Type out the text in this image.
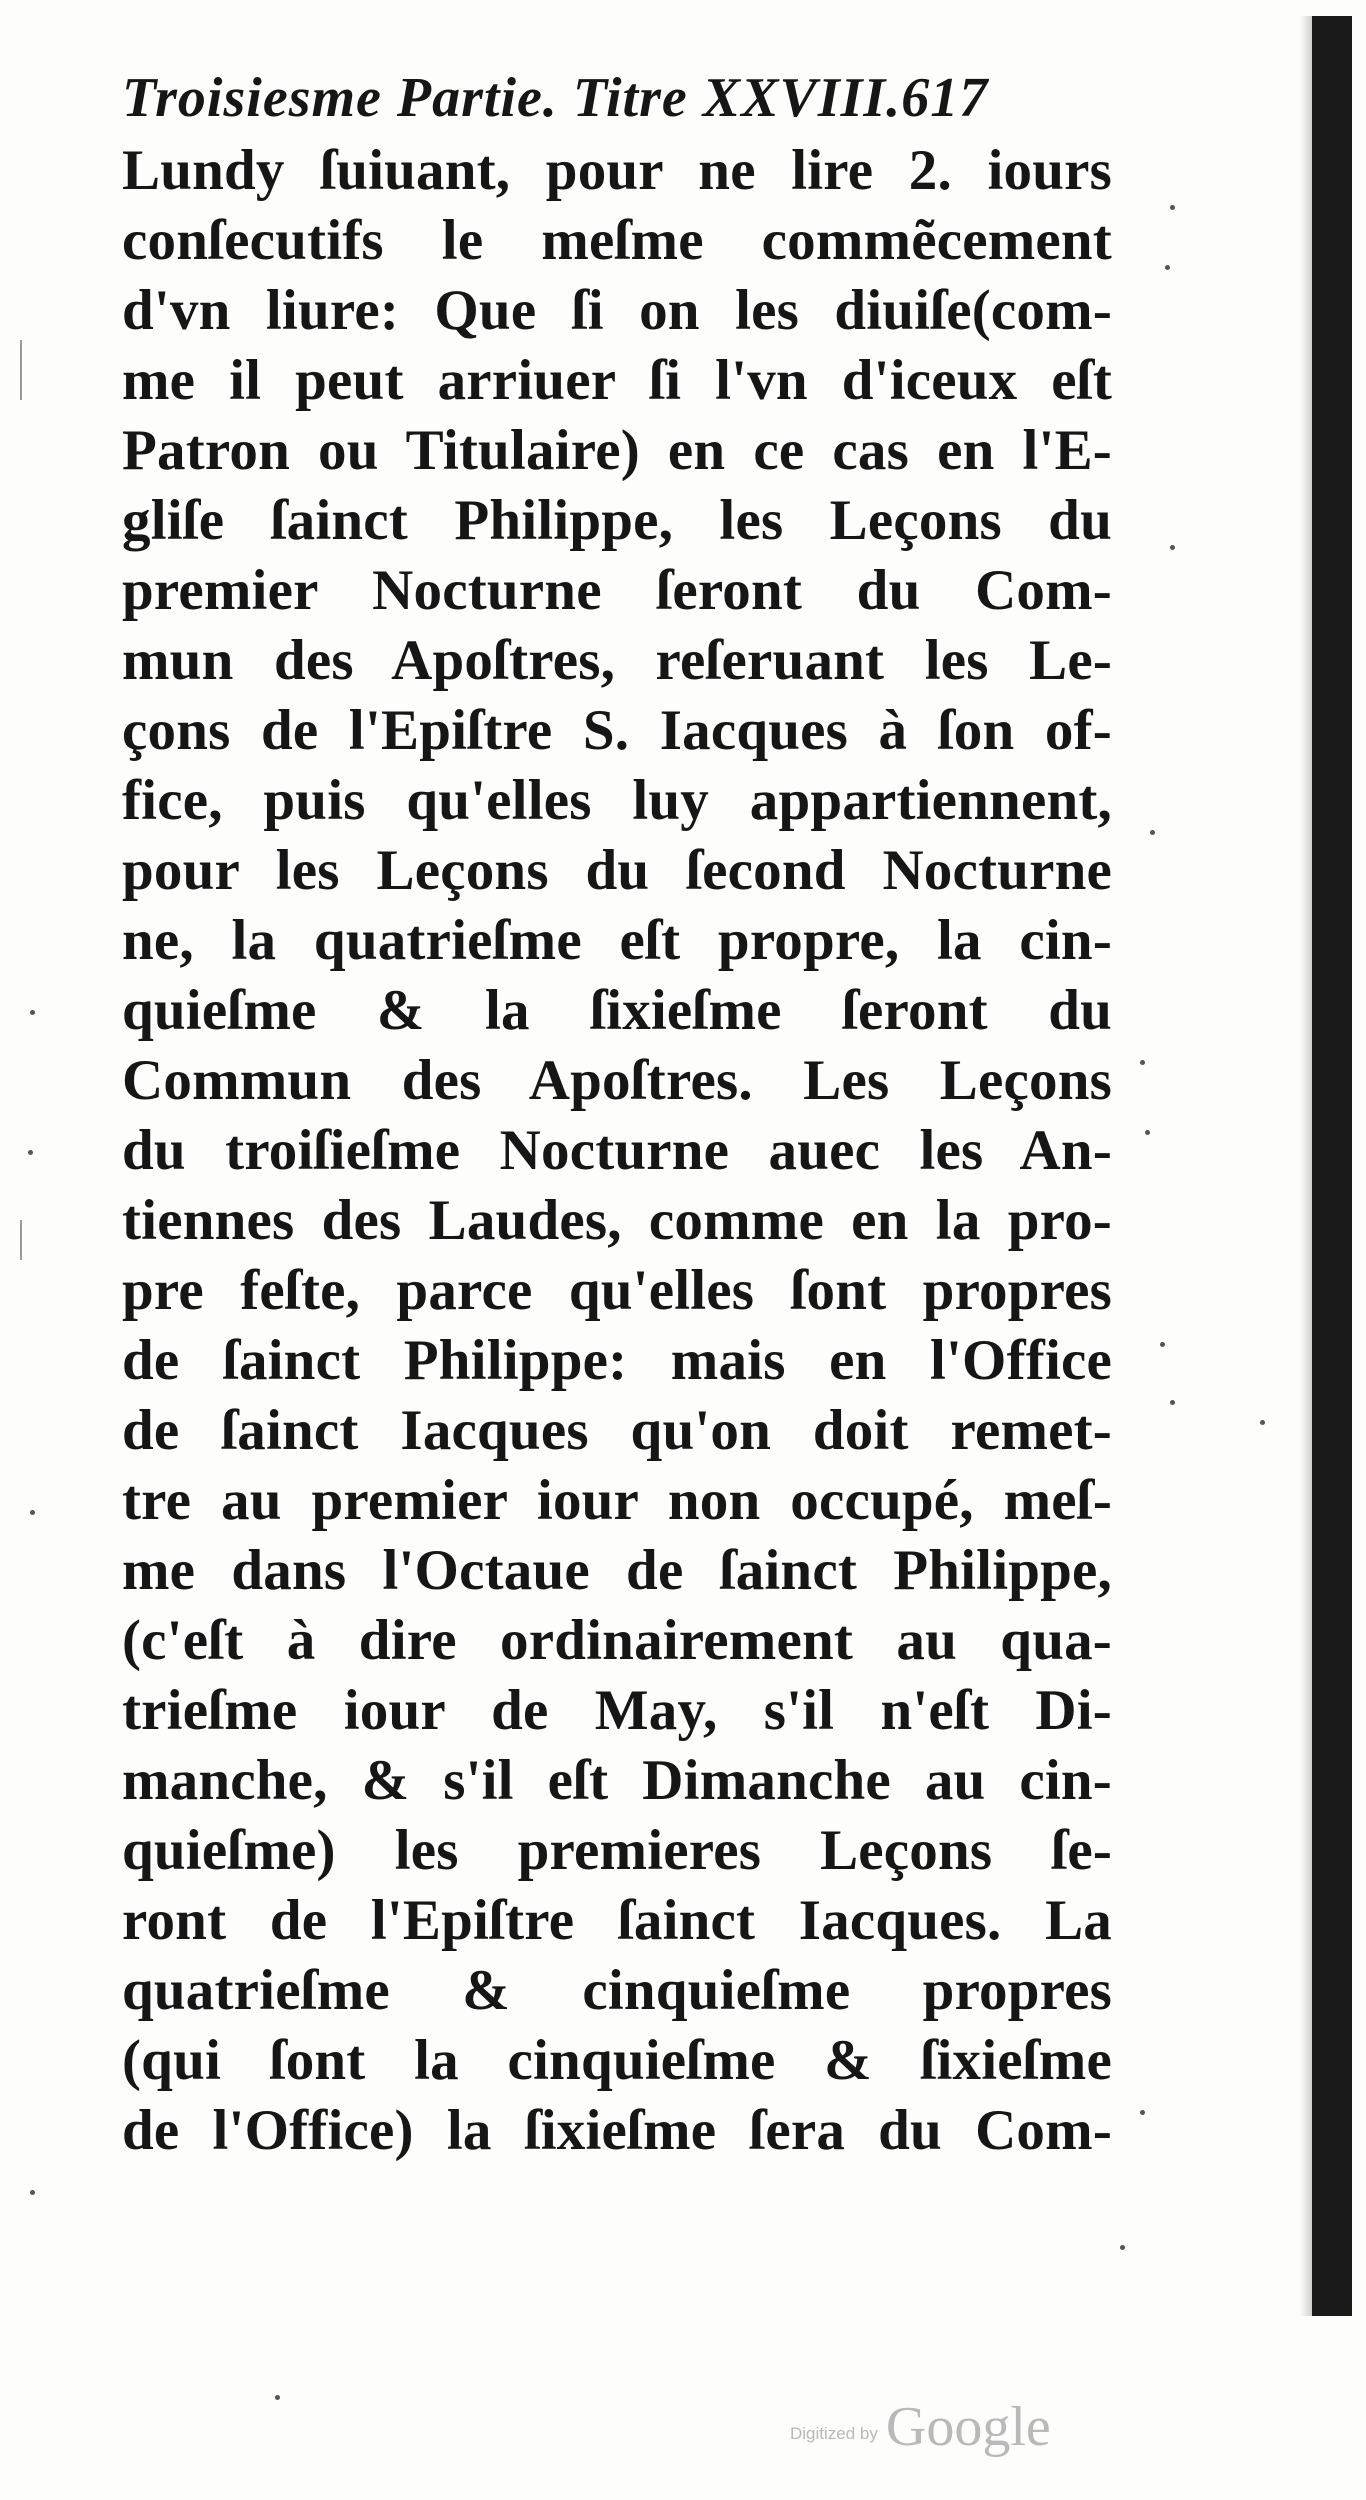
Troisiesme Partie. Titre XXVIII.617
Lundy ſuiuant, pour ne lire 2. iours
conſecutifs le meſme commẽcement
d'vn liure: Que ſi on les diuiſe(com-
me il peut arriuer ſi l'vn d'iceux eſt
Patron ou Titulaire) en ce cas en l'E-
gliſe ſainct Philippe, les Leçons du
premier Nocturne ſeront du Com-
mun des Apoſtres, reſeruant les Le-
çons de l'Epiſtre S. Iacques à ſon of-
fice, puis qu'elles luy appartiennent,
pour les Leçons du ſecond Nocturne
ne, la quatrieſme eſt propre, la cin-
quieſme & la ſixieſme ſeront du
Commun des Apoſtres. Les Leçons
du troiſieſme Nocturne auec les An-
tiennes des Laudes, comme en la pro-
pre feſte, parce qu'elles ſont propres
de ſainct Philippe: mais en l'Office
de ſainct Iacques qu'on doit remet-
tre au premier iour non occupé, meſ-
me dans l'Octaue de ſainct Philippe,
(c'eſt à dire ordinairement au qua-
trieſme iour de May, s'il n'eſt Di-
manche, & s'il eſt Dimanche au cin-
quieſme) les premieres Leçons ſe-
ront de l'Epiſtre ſainct Iacques. La
quatrieſme & cinquieſme propres
(qui ſont la cinquieſme & ſixieſme
de l'Office) la ſixieſme ſera du Com-
Digitized by Google
